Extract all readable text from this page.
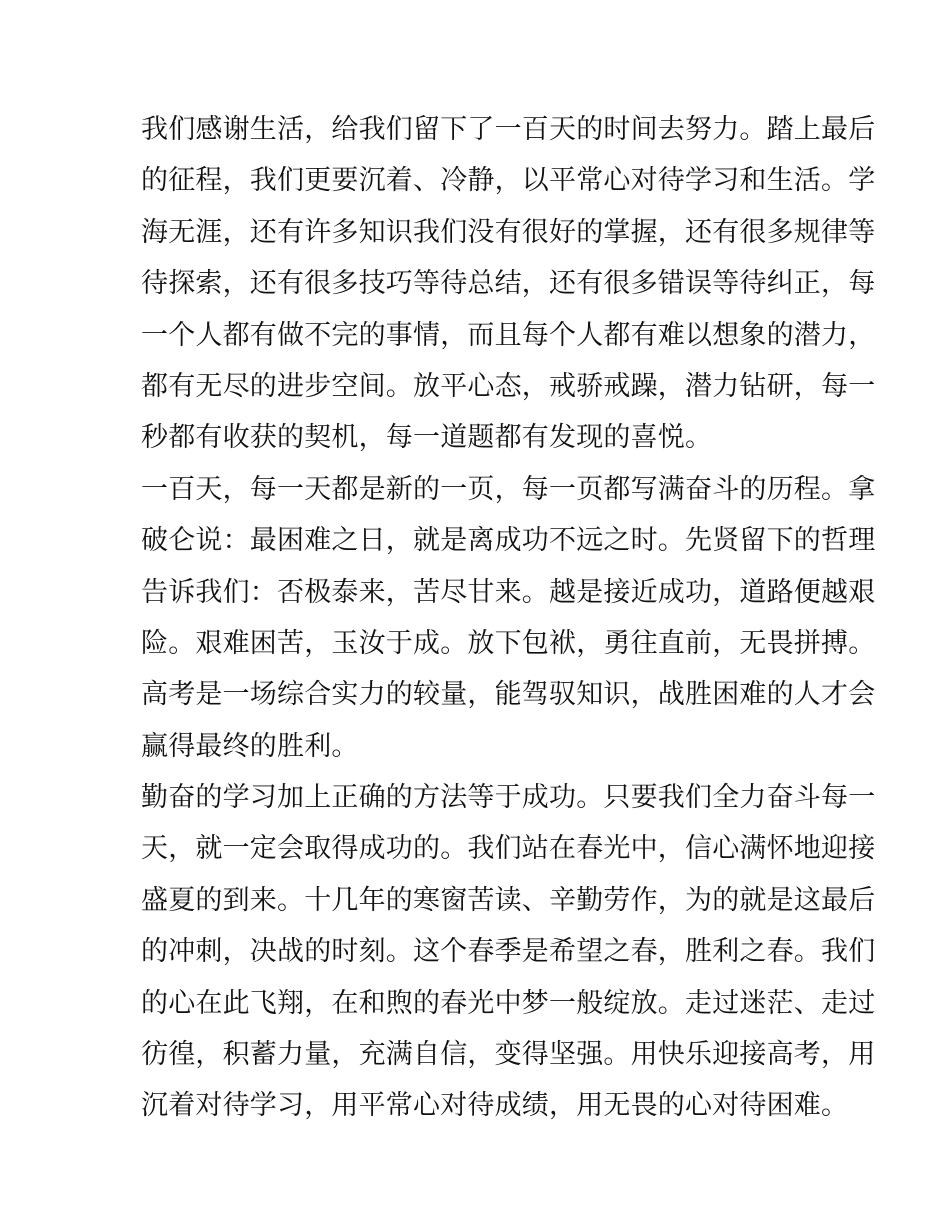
我们感谢生活，给我们留下了一百天的时间去努力。踏上最后
的征程，我们更要沉着、冷静，以平常心对待学习和生活。学
海无涯，还有许多知识我们没有很好的掌握，还有很多规律等
待探索，还有很多技巧等待总结，还有很多错误等待纠正，每
一个人都有做不完的事情，而且每个人都有难以想象的潜力，
都有无尽的进步空间。放平心态，戒骄戒躁，潜力钻研，每一
秒都有收获的契机，每一道题都有发现的喜悦。
一百天，每一天都是新的一页，每一页都写满奋斗的历程。拿
破仑说：最困难之日，就是离成功不远之时。先贤留下的哲理
告诉我们：否极泰来，苦尽甘来。越是接近成功，道路便越艰
险。艰难困苦，玉汝于成。放下包袱，勇往直前，无畏拼搏。
高考是一场综合实力的较量，能驾驭知识，战胜困难的人才会
赢得最终的胜利。
勤奋的学习加上正确的方法等于成功。只要我们全力奋斗每一
天，就一定会取得成功的。我们站在春光中，信心满怀地迎接
盛夏的到来。十几年的寒窗苦读、辛勤劳作，为的就是这最后
的冲刺，决战的时刻。这个春季是希望之春，胜利之春。我们
的心在此飞翔，在和煦的春光中梦一般绽放。走过迷茫、走过
彷徨，积蓄力量，充满自信，变得坚强。用快乐迎接高考，用
沉着对待学习，用平常心对待成绩，用无畏的心对待困难。
